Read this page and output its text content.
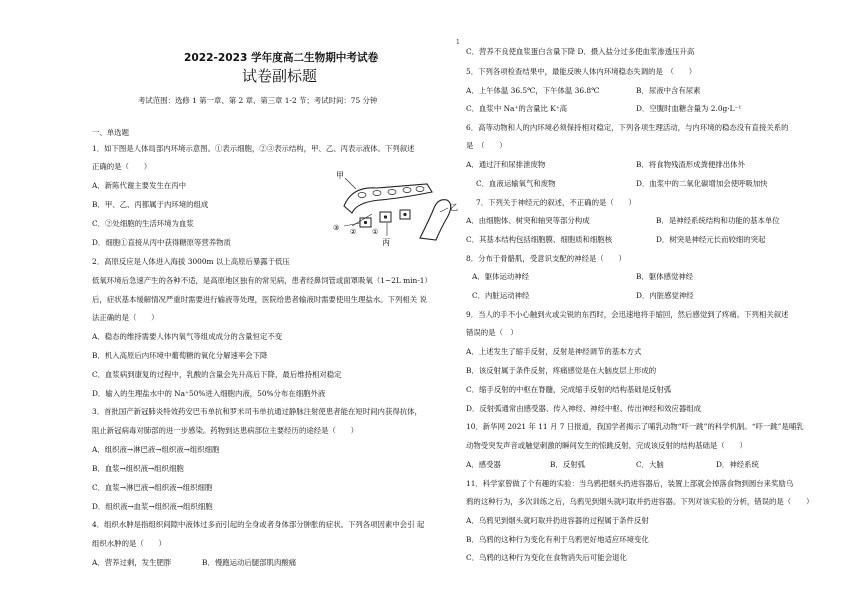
1
2022-2023 学年度高二生物期中考试卷
试卷副标题
考试范围：选修 1 第一章、第 2 章、第三章 1-2 节；考试时间：75 分钟
一、单选题
1．如下图是人体局部内环境示意图。①表示细胞，②③表示结构，甲、乙、丙表示液体。下列叙述
正确的是（　　）
A．新陈代谢主要发生在丙中
B．甲、乙、丙都属于内环境的组成
C．②处细胞的生活环境为血浆
D．细胞①直接从丙中获得糖原等营养物质
2．高原反应是人体进入海拔 3000m 以上高原后暴露于低压
低氧环境后急速产生的各种不适，是高原地区独有的常见病，患者经鼻饲管或面罩吸氧（1~2L min-1）
后，症状基本缓解情况严重时需要进行输液等处理，医院给患者输液时需要使用生理盐水。下列相关 说
法正确的是（　　）
A．稳态的维持需要人体内氧气等组成成分的含量恒定不变
B．机入高原后内环境中葡萄糖的氧化分解速率会下降
C．血浆病到康复的过程中，乳酸的含量会先升高后下降，最后维持相对稳定
D．输入的生理盐水中的 Na⁺50%进入细胞内液，50%分布在细胞外液
3．首批国产新冠肺炎特效药安巴韦单抗和罗米司韦单抗通过静脉注射使患者能在短时间内获得抗体，
阻止新冠病毒对肺部的进一步感染。药物到达患病部位主要经历的途经是（　　）
A．组织液→淋巴液→组织液→组织细胞
B．血浆→组织液→组织细胞
C．血浆→淋巴液→组织液→组织细胞
D．组织液→血浆→组织液→组织细胞
4．组织水肿是指组织间隙中液体过多而引起的全身或者身体部分肿胀的症状。下列各项因素中会引 起
组织水肿的是（　　）
A．营养过剩，发生肥胖	B．慢跑运动后腿部肌肉酸痛
甲
③ ② ①
丙
乙
C．营养不良使血浆蛋白含量下降 D．摄入盐分过多使血浆渗透压升高
5．下列各项检查结果中，最能反映人体内环境稳态失调的是　（　　）
A．上午体温 36.5℃，下午体温 36.8℃	B．尿液中含有尿素
C．血浆中 Na⁺的含量比 K⁺高	D．空腹时血糖含量为 2.0g·L⁻¹
6．高等动物和人的内环境必须保持相对稳定，下列各项生理活动，与内环境的稳态没有直接关系的
是　（　　）
A．通过汗和尿排泄废物	B．将食物残渣形成粪便排出体外
C．血液运输氧气和废物	D．血浆中的二氧化碳增加会使呼吸加快
7．下列关于神经元的叙述，不正确的是（　　）
A．由细胞体、树突和轴突等部分构成	B．是神经系统结构和功能的基本单位
C．其基本结构包括细胞膜、细胞质和细胞核	D．树突是神经元长而较细的突起
8．分布于骨骼肌，受意识支配的神经是（　　）
A．躯体运动神经	B．躯体感觉神经
C．内脏运动神经	D．内脏感觉神经
9．当人的手不小心触到火或尖锐的东西时，会迅速地将手缩回，然后感觉到了疼痛。下列相关叙述
错误的是（　）
A．上述发生了缩手反射，反射是神经调节的基本方式
B．该反射属于条件反射，疼痛感觉是在大脑皮层上形成的
C．缩手反射的中枢在脊髓，完成缩手反射的结构基础是反射弧
D．反射弧通常由感受器、传入神经、神经中枢、传出神经和效应器组成
10．新华网 2021 年 11 月 7 日报道，我国学者揭示了哺乳动物“吓一跳”的科学机制。“吓一跳”是哺乳
动物受突发声音或触觉刺激的瞬间发生的惊跳反射，完成该反射的结构基础是（　　）
A．感受器	B．反射弧	C．大脑	D．神经系统
11．科学家曾做了个有趣的实验：当乌鸦把烟头扔进容器后，装置上部就会掉落食物到圆台来奖励乌
鸦的这种行为，多次训练之后，乌鸦见到烟头就叼取并扔进容器。下列对该实验的分析，错误的是（　　）
A．乌鸦见到烟头就叼取并扔进容器的过程属于条件反射
B．乌鸦的这种行为变化有利于乌鸦更好地适应环境变化
C．乌鸦的这种行为变化在食物消失后可能会退化
